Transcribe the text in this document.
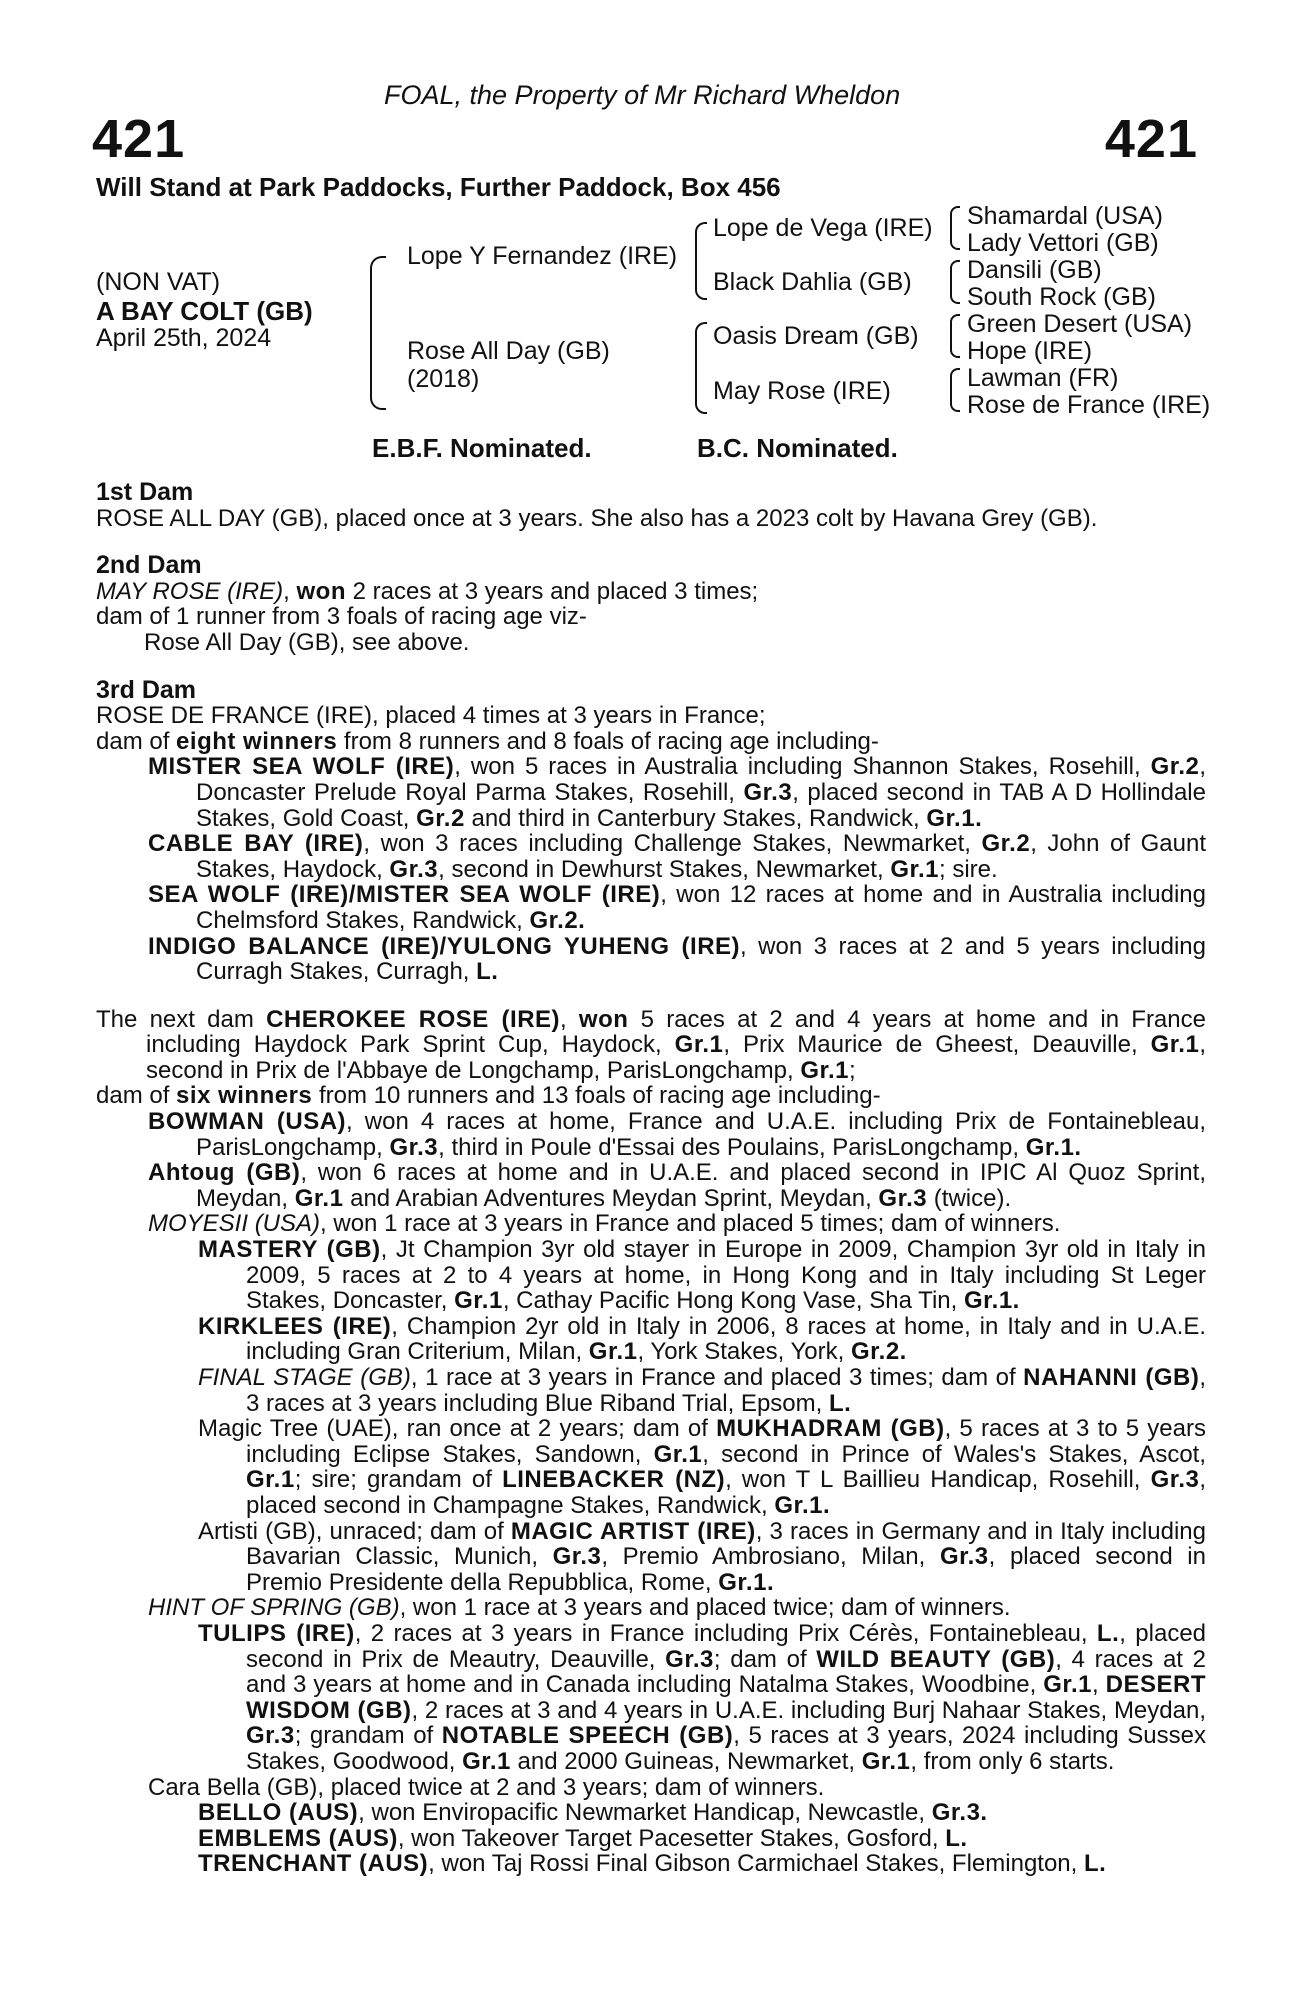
FOAL, the Property of Mr Richard Wheldon
421	421
Will Stand at Park Paddocks, Further Paddock, Box 456
(NON VAT)
A BAY COLT (GB)
April 25th, 2024
Lope Y Fernandez (IRE)
Rose All Day (GB)
(2018)
Lope de Vega (IRE)
Black Dahlia (GB)
Oasis Dream (GB)
May Rose (IRE)
Shamardal (USA)
Lady Vettori (GB)
Dansili (GB)
South Rock (GB)
Green Desert (USA)
Hope (IRE)
Lawman (FR)
Rose de France (IRE)
E.B.F. Nominated.	B.C. Nominated.

1st Dam

ROSE ALL DAY (GB), placed once at 3 years. She also has a 2023 colt by Havana Grey (GB).

2nd Dam

MAY ROSE (IRE), won 2 races at 3 years and placed 3 times;

dam of 1 runner from 3 foals of racing age viz-

Rose All Day (GB), see above.

3rd Dam

ROSE DE FRANCE (IRE), placed 4 times at 3 years in France;

dam of eight winners from 8 runners and 8 foals of racing age including-

MISTER SEA WOLF (IRE), won 5 races in Australia including Shannon Stakes, Rosehill, Gr.2, Doncaster Prelude Royal Parma Stakes, Rosehill, Gr.3, placed second in TAB A D Hollindale Stakes, Gold Coast, Gr.2 and third in Canterbury Stakes, Randwick, Gr.1.

CABLE BAY (IRE), won 3 races including Challenge Stakes, Newmarket, Gr.2, John of Gaunt Stakes, Haydock, Gr.3, second in Dewhurst Stakes, Newmarket, Gr.1; sire.

SEA WOLF (IRE)/MISTER SEA WOLF (IRE), won 12 races at home and in Australia including Chelmsford Stakes, Randwick, Gr.2.

INDIGO BALANCE (IRE)/YULONG YUHENG (IRE), won 3 races at 2 and 5 years including Curragh Stakes, Curragh, L.

The next dam CHEROKEE ROSE (IRE), won 5 races at 2 and 4 years at home and in France including Haydock Park Sprint Cup, Haydock, Gr.1, Prix Maurice de Gheest, Deauville, Gr.1, second in Prix de l'Abbaye de Longchamp, ParisLongchamp, Gr.1;

dam of six winners from 10 runners and 13 foals of racing age including-

BOWMAN (USA), won 4 races at home, France and U.A.E. including Prix de Fontainebleau, ParisLongchamp, Gr.3, third in Poule d'Essai des Poulains, ParisLongchamp, Gr.1.

Ahtoug (GB), won 6 races at home and in U.A.E. and placed second in IPIC Al Quoz Sprint, Meydan, Gr.1 and Arabian Adventures Meydan Sprint, Meydan, Gr.3 (twice).

MOYESII (USA), won 1 race at 3 years in France and placed 5 times; dam of winners.

MASTERY (GB), Jt Champion 3yr old stayer in Europe in 2009, Champion 3yr old in Italy in 2009, 5 races at 2 to 4 years at home, in Hong Kong and in Italy including St Leger Stakes, Doncaster, Gr.1, Cathay Pacific Hong Kong Vase, Sha Tin, Gr.1.

KIRKLEES (IRE), Champion 2yr old in Italy in 2006, 8 races at home, in Italy and in U.A.E. including Gran Criterium, Milan, Gr.1, York Stakes, York, Gr.2.

FINAL STAGE (GB), 1 race at 3 years in France and placed 3 times; dam of NAHANNI (GB), 3 races at 3 years including Blue Riband Trial, Epsom, L.

Magic Tree (UAE), ran once at 2 years; dam of MUKHADRAM (GB), 5 races at 3 to 5 years including Eclipse Stakes, Sandown, Gr.1, second in Prince of Wales's Stakes, Ascot, Gr.1; sire; grandam of LINEBACKER (NZ), won T L Baillieu Handicap, Rosehill, Gr.3, placed second in Champagne Stakes, Randwick, Gr.1.

Artisti (GB), unraced; dam of MAGIC ARTIST (IRE), 3 races in Germany and in Italy including Bavarian Classic, Munich, Gr.3, Premio Ambrosiano, Milan, Gr.3, placed second in Premio Presidente della Repubblica, Rome, Gr.1.

HINT OF SPRING (GB), won 1 race at 3 years and placed twice; dam of winners.

TULIPS (IRE), 2 races at 3 years in France including Prix Cérès, Fontainebleau, L., placed second in Prix de Meautry, Deauville, Gr.3; dam of WILD BEAUTY (GB), 4 races at 2 and 3 years at home and in Canada including Natalma Stakes, Woodbine, Gr.1, DESERT WISDOM (GB), 2 races at 3 and 4 years in U.A.E. including Burj Nahaar Stakes, Meydan, Gr.3; grandam of NOTABLE SPEECH (GB), 5 races at 3 years, 2024 including Sussex Stakes, Goodwood, Gr.1 and 2000 Guineas, Newmarket, Gr.1, from only 6 starts.

Cara Bella (GB), placed twice at 2 and 3 years; dam of winners.

BELLO (AUS), won Enviropacific Newmarket Handicap, Newcastle, Gr.3.

EMBLEMS (AUS), won Takeover Target Pacesetter Stakes, Gosford, L.

TRENCHANT (AUS), won Taj Rossi Final Gibson Carmichael Stakes, Flemington, L.
